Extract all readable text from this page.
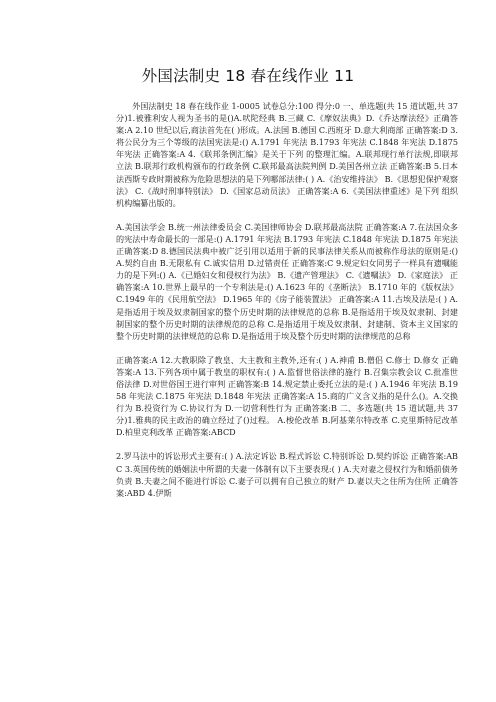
外国法制史 18 春在线作业 11

外国法制史 18 春在线作业 1-0005 试卷总分:100 得分:0 一、单选题(共 15 道试题,共 37 分)1.被雅利安人视为圣书的是()A.吠陀经典 B.三藏 C.《摩奴法典》D.《乔达摩法经》正确答案:A 2.10 世纪以后,商法首先在( )形成。A.法国 B.德国 C.西班牙 D.意大利商部 正确答案:D 3.将公民分为三个等级的法国宪法是:() A.1791 年宪法 B.1793 年宪法 C.1848 年宪法 D.1875 年宪法 正确答案:A 4.《联邦条例汇编》是关于下列 的整理汇编。A.联邦现行单行法规,即联邦立法 B.联邦行政机构颁布的行政条例 C.联邦最高法院判例 D.美国各州立法 正确答案:B 5.日本法西斯专政时期被称为危险思想法的是下列哪部法律:( ) A.《治安维持法》 B.《思想犯保护观察法》 C.《战时刑事特别法》 D.《国家总动员法》 正确答案:A 6.《美国法律重述》是下列 组织机构编纂出版的。

A.美国法学会 B.统一州法律委员会 C.美国律师协会 D.联邦最高法院 正确答案:A 7.在法国众多的宪法中寿命最长的一部是:() A.1791 年宪法 B.1793 年宪法 C.1848 年宪法 D.1875 年宪法 正确答案:D 8.德国民法典中被广泛引用以适用于新的民事法律关系从而被称作母法的原则是:() A.契约自由 B.无限私有 C.诚实信用 D.过错责任 正确答案:C 9.规定妇女同男子一样具有遗嘱能力的是下列:() A.《已婚妇女和侵权行为法》 B.《遗产管理法》 C.《遗嘱法》 D.《家庭法》 正确答案:A 10.世界上最早的一个专利法是:() A.1623 年的《垄断法》 B.1710 年的《版权法》 C.1949 年的《民用航空法》 D.1965 年的《房子能装置法》 正确答案:A 11.古埃及法是:( ) A.是指适用于埃及奴隶制国家的整个历史时期的法律规范的总称 B.是指适用于埃及奴隶制、封建制国家的整个历史时期的法律规范的总称 C.是指适用于埃及奴隶制、封建制、资本主义国家的整个历史时期的法律规范的总称 D.是指适用于埃及整个历史时期的法律规范的总称

正确答案:A 12.大教职除了教皇、大主教和主教外,还有:( ) A.神甫 B.僧侣 C.修士 D.修女 正确答案:A 13.下列各项中属于教皇的职权有:( ) A.监督世俗法律的施行 B.召集宗教会议 C.批准世俗法律 D.对世俗国王进行审判 正确答案:B 14.规定禁止委托立法的是:( ) A.1946 年宪法 B.1958 年宪法 C.1875 年宪法 D.1848 年宪法 正确答案:A 15.商的广义含义指的是什么()。A.交换行为 B.投资行为 C.协议行为 D.一切营利性行为 正确答案:B 二、多选题(共 15 道试题,共 37 分)1.雅典的民主政治的确立经过了()过程。 A.梭伦改革 B.阿基莱尔特改革 C.克里斯特尼改革 D.柏里克利改革 正确答案:ABCD

2.罗马法中的诉讼形式主要有:( ) A.法定诉讼 B.程式诉讼 C.特别诉讼 D.契约诉讼 正确答案:ABC 3.英国传统的婚姻法中所谓的夫妻一体制有以下主要表现:( ) A.夫对妻之侵权行为和婚前债务负责 B.夫妻之间不能进行诉讼 C.妻子可以拥有自己独立的财产 D.妻以夫之住所为住所 正确答案:ABD 4.伊斯
